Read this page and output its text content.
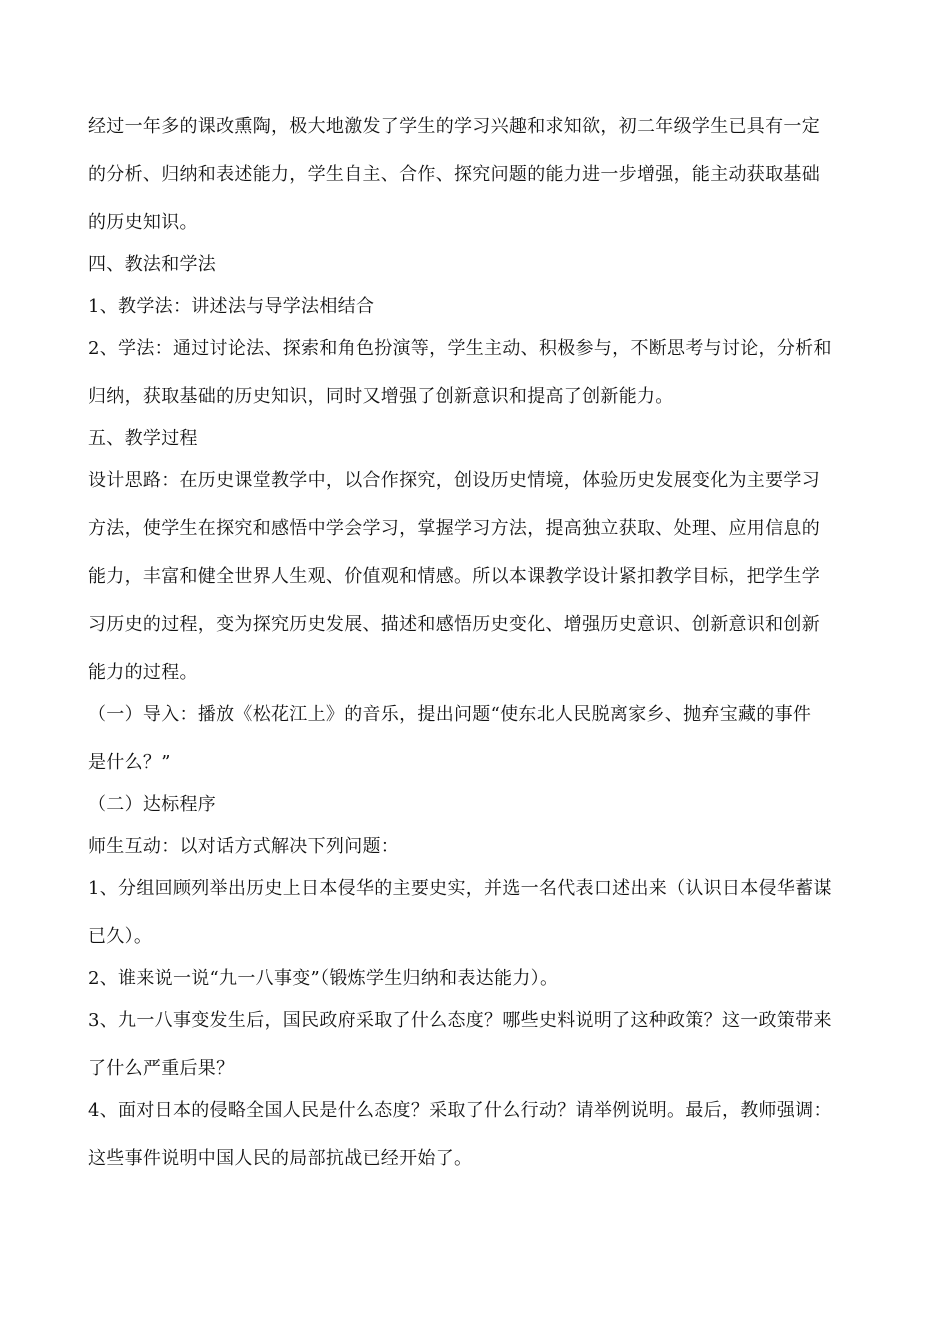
经过一年多的课改熏陶，极大地激发了学生的学习兴趣和求知欲，初二年级学生已具有一定

的分析、归纳和表述能力，学生自主、合作、探究问题的能力进一步增强，能主动获取基础

的历史知识。

四、教法和学法

1、教学法：讲述法与导学法相结合

2、学法：通过讨论法、探索和角色扮演等，学生主动、积极参与，不断思考与讨论，分析和

归纳，获取基础的历史知识，同时又增强了创新意识和提高了创新能力。

五、教学过程

设计思路：在历史课堂教学中，以合作探究，创设历史情境，体验历史发展变化为主要学习

方法，使学生在探究和感悟中学会学习，掌握学习方法，提高独立获取、处理、应用信息的

能力，丰富和健全世界人生观、价值观和情感。所以本课教学设计紧扣教学目标，把学生学

习历史的过程，变为探究历史发展、描述和感悟历史变化、增强历史意识、创新意识和创新

能力的过程。

（一）导入：播放《松花江上》的音乐，提出问题“使东北人民脱离家乡、抛弃宝藏的事件

是什么？”

（二）达标程序

师生互动：以对话方式解决下列问题：

1、分组回顾列举出历史上日本侵华的主要史实，并选一名代表口述出来（认识日本侵华蓄谋

已久）。

2、谁来说一说“九一八事变”（锻炼学生归纳和表达能力）。

3、九一八事变发生后，国民政府采取了什么态度？哪些史料说明了这种政策？这一政策带来

了什么严重后果？

4、面对日本的侵略全国人民是什么态度？采取了什么行动？请举例说明。最后，教师强调：

这些事件说明中国人民的局部抗战已经开始了。
